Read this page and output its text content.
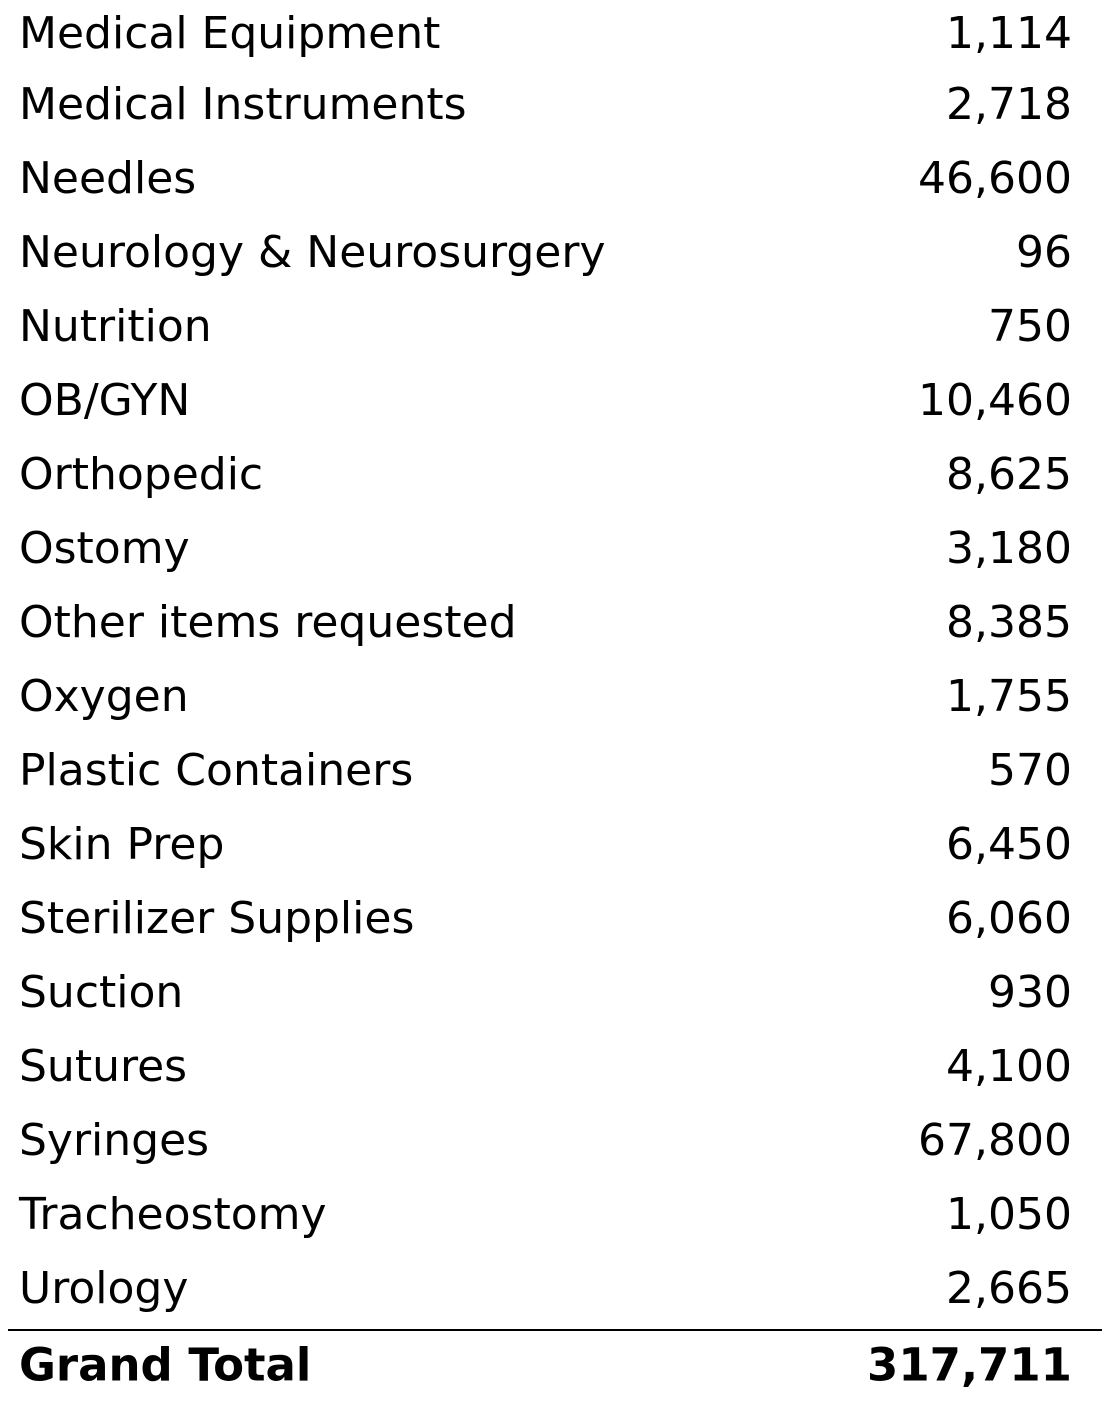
Medical Equipment	1,114
Medical Instruments	2,718
Needles	46,600
Neurology & Neurosurgery	96
Nutrition	750
OB/GYN	10,460
Orthopedic	8,625
Ostomy	3,180
Other items requested	8,385
Oxygen	1,755
Plastic Containers	570
Skin Prep	6,450
Sterilizer Supplies	6,060
Suction	930
Sutures	4,100
Syringes	67,800
Tracheostomy	1,050
Urology	2,665
Grand Total	317,711
